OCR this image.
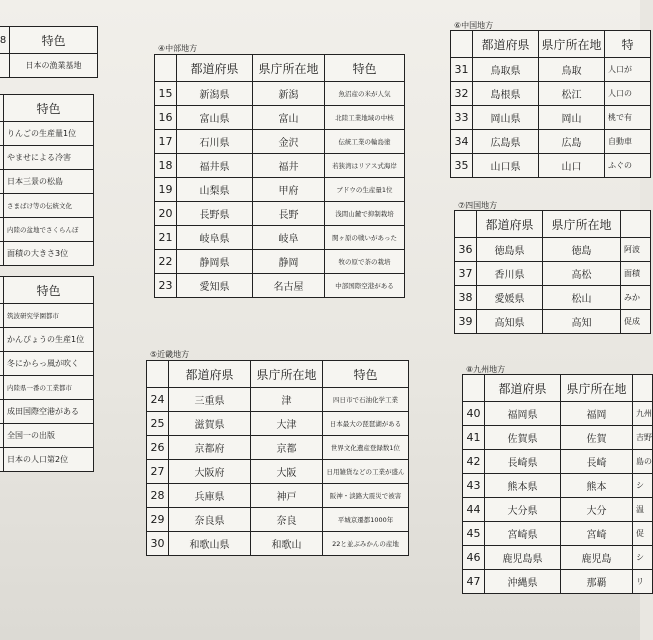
8	特色
	日本の漁業基地
	特色
	りんごの生産量1位
	やませによる冷害
	日本三景の松島
	さまばけ等の伝統文化
	内陸の盆地でさくらんぼ
	面積の大きさ3位
	特色
	筑波研究学園都市
	かんぴょうの生産1位
	冬にからっ風が吹く
	内陸県一番の工業都市
	成田国際空港がある
	全国一の出版
	日本の人口第2位
④中部地方
	都道府県	県庁所在地	特色
15	新潟県	新潟	魚沼産の米が人気
16	富山県	富山	北陸工業地域の中核
17	石川県	金沢	伝統工業の輪島塗
18	福井県	福井	若狭湾はリアス式海岸
19	山梨県	甲府	ブドウの生産量1位
20	長野県	長野	浅間山麓で抑制栽培
21	岐阜県	岐阜	関ヶ原の戦いがあった
22	静岡県	静岡	牧の原で茶の栽培
23	愛知県	名古屋	中部国際空港がある
⑤近畿地方
	都道府県	県庁所在地	特色
24	三重県	津	四日市で石油化学工業
25	滋賀県	大津	日本最大の琵琶湖がある
26	京都府	京都	世界文化遺産登録数1位
27	大阪府	大阪	日用雑貨などの工業が盛ん
28	兵庫県	神戸	阪神・淡路大震災で被害
29	奈良県	奈良	平城京遷都1000年
30	和歌山県	和歌山	22と並ぶみかんの産地
⑥中国地方
	都道府県	県庁所在地	特
31	鳥取県	鳥取	人口が
32	島根県	松江	人口の
33	岡山県	岡山	桃で有
34	広島県	広島	自動車
35	山口県	山口	ふぐの
⑦四国地方
	都道府県	県庁所在地	
36	徳島県	徳島	阿波
37	香川県	高松	面積
38	愛媛県	松山	みか
39	高知県	高知	促成
⑧九州地方
	都道府県	県庁所在地	
40	福岡県	福岡	九州
41	佐賀県	佐賀	吉野
42	長崎県	長崎	島の
43	熊本県	熊本	シ
44	大分県	大分	温
45	宮崎県	宮崎	促
46	鹿児島県	鹿児島	シ
47	沖縄県	那覇	リ
